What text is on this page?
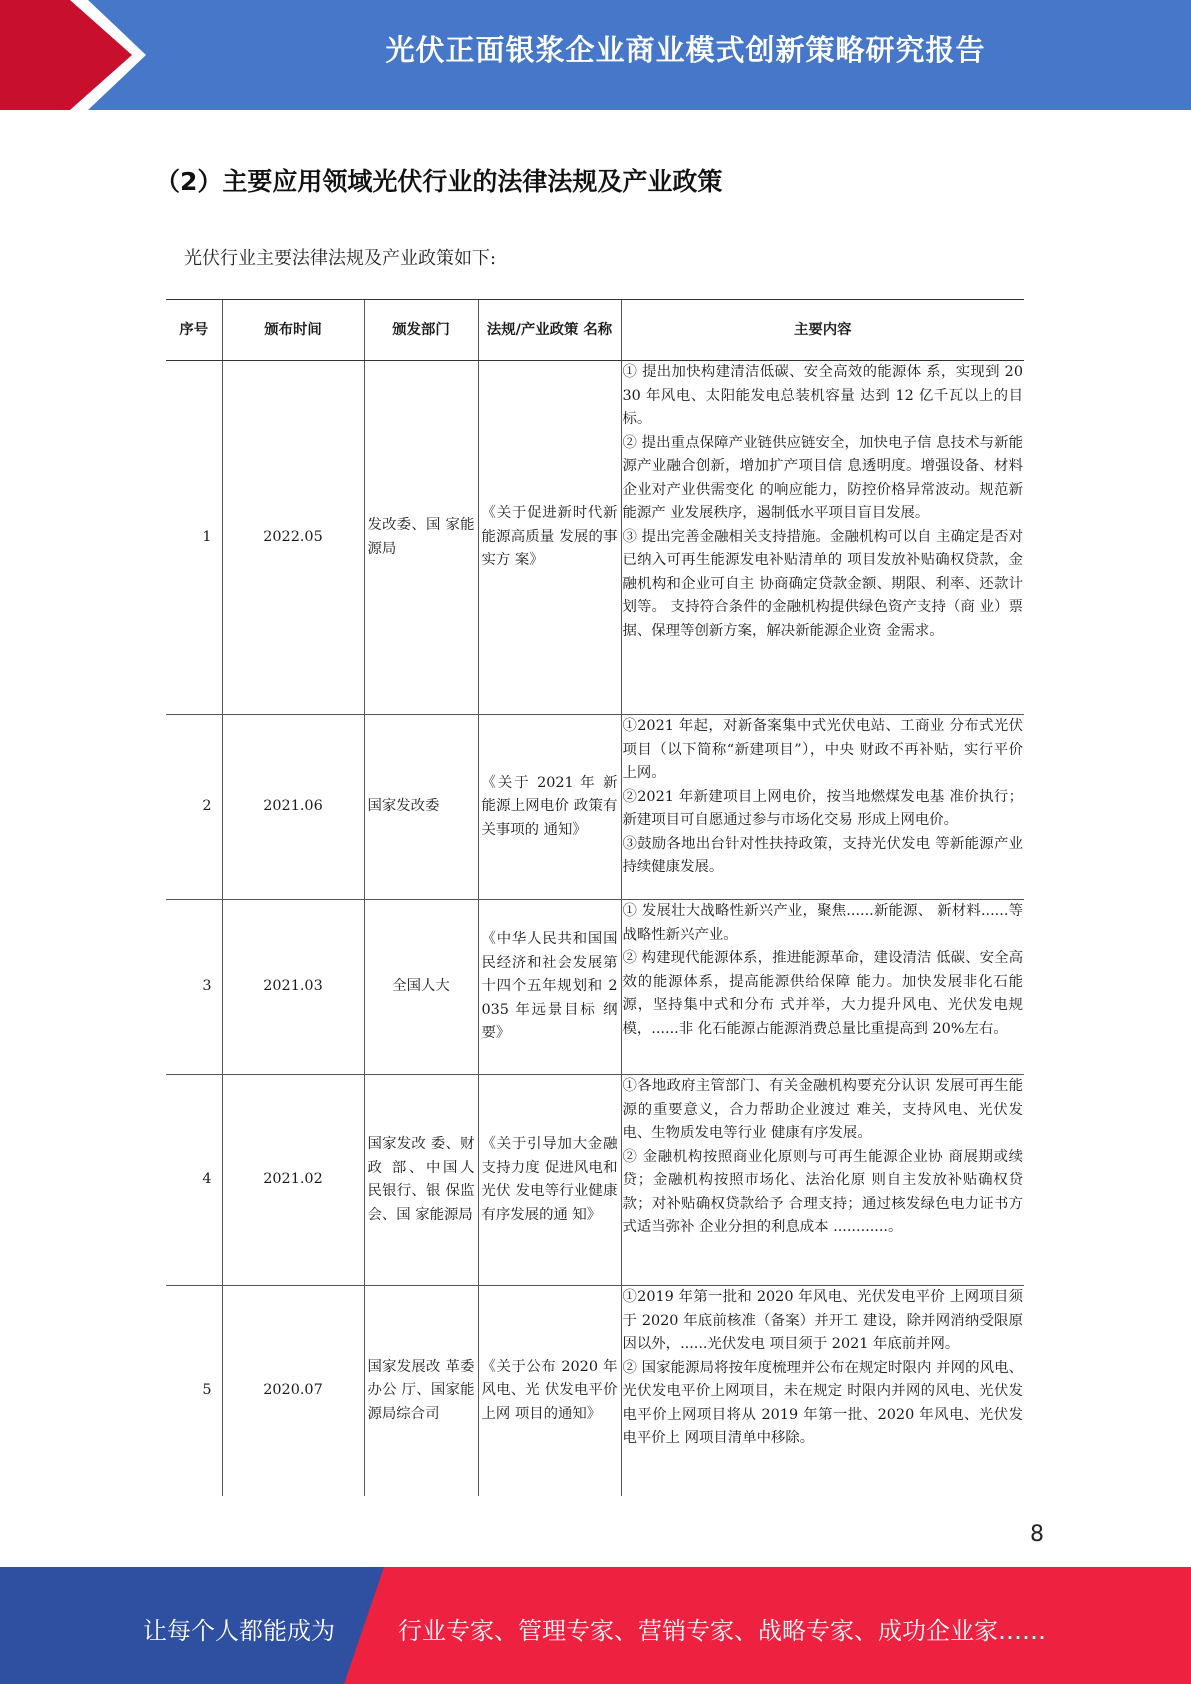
光伏正面银浆企业商业模式创新策略研究报告
（2）主要应用领域光伏行业的法律法规及产业政策
光伏行业主要法律法规及产业政策如下:
序号	颁布时间	颁发部门	法规/产业政策 名称	主要内容
1	2022.05	发改委、国 家能源局	《关于促进新时代新能源高质量 发展的事实方 案》	① 提出加快构建清洁低碳、安全高效的能源体 系，实现到 2030 年风电、太阳能发电总装机容量 达到 12 亿千瓦以上的目标。
② 提出重点保障产业链供应链安全，加快电子信 息技术与新能源产业融合创新，增加扩产项目信 息透明度。增强设备、材料企业对产业供需变化 的响应能力，防控价格异常波动。规范新能源产 业发展秩序，遏制低水平项目盲目发展。
③ 提出完善金融相关支持措施。金融机构可以自 主确定是否对已纳入可再生能源发电补贴清单的 项目发放补贴确权贷款，金融机构和企业可自主 协商确定贷款金额、期限、利率、还款计划等。 支持符合条件的金融机构提供绿色资产支持（商 业）票据、保理等创新方案，解决新能源企业资 金需求。

2	2021.06	国家发改委	《关于 2021 年 新能源上网电价 政策有关事项的 通知》	①2021 年起，对新备案集中式光伏电站、工商业 分布式光伏项目（以下简称“新建项目”），中央 财政不再补贴，实行平价上网。
②2021 年新建项目上网电价，按当地燃煤发电基 准价执行；新建项目可自愿通过参与市场化交易 形成上网电价。
③鼓励各地出台针对性扶持政策，支持光伏发电 等新能源产业持续健康发展。

3	2021.03	全国人大	《中华人民共和国国民经济和社会发展第十四个五年规划和 2035 年远景目标 纲要》	① 发展壮大战略性新兴产业，聚焦......新能源、 新材料......等战略性新兴产业。
② 构建现代能源体系，推进能源革命，建设清洁 低碳、安全高效的能源体系，提高能源供给保障 能力。加快发展非化石能源，坚持集中式和分布 式并举，大力提升风电、光伏发电规模，......非 化石能源占能源消费总量比重提高到 20%左右。

4	2021.02	国家发改 委、财政 部、中国人 民银行、银 保监会、国 家能源局	《关于引导加大金融支持力度 促进风电和光伏 发电等行业健康 有序发展的通 知》	①各地政府主管部门、有关金融机构要充分认识 发展可再生能源的重要意义，合力帮助企业渡过 难关，支持风电、光伏发电、生物质发电等行业 健康有序发展。
② 金融机构按照商业化原则与可再生能源企业协 商展期或续贷；金融机构按照市场化、法治化原 则自主发放补贴确权贷款；对补贴确权贷款给予 合理支持；通过核发绿色电力证书方式适当弥补 企业分担的利息成本 ............。

5	2020.07	国家发展改 革委办公 厅、国家能 源局综合司	《关于公布 2020 年风电、光 伏发电平价上网 项目的通知》	①2019 年第一批和 2020 年风电、光伏发电平价 上网项目须于 2020 年底前核准（备案）并开工 建设，除并网消纳受限原因以外，......光伏发电 项目须于 2021 年底前并网。
② 国家能源局将按年度梳理并公布在规定时限内 并网的风电、光伏发电平价上网项目，未在规定 时限内并网的风电、光伏发电平价上网项目将从 2019 年第一批、2020 年风电、光伏发电平价上 网项目清单中移除。
8
让每个人都能成为	行业专家、管理专家、营销专家、战略专家、成功企业家……
